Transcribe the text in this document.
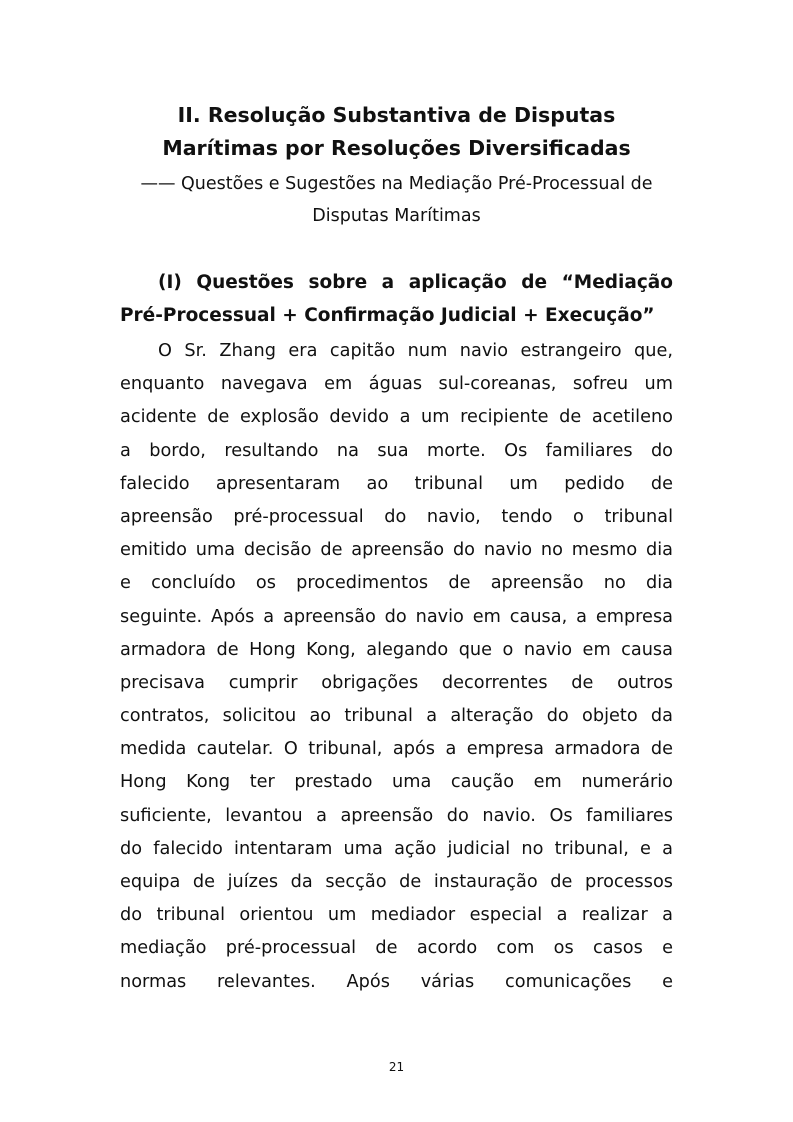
II. Resolução Substantiva de Disputas
Marítimas por Resoluções Diversificadas

—— Questões e Sugestões na Mediação Pré-Processual de

Disputas Marítimas

(I) Questões sobre a aplicação de “Mediação
Pré-Processual + Confirmação Judicial + Execução”
O Sr. Zhang era capitão num navio estrangeiro que,
enquanto navegava em águas sul-coreanas, sofreu um
acidente de explosão devido a um recipiente de acetileno
a bordo, resultando na sua morte. Os familiares do
falecido apresentaram ao tribunal um pedido de
apreensão pré-processual do navio, tendo o tribunal
emitido uma decisão de apreensão do navio no mesmo dia
e concluído os procedimentos de apreensão no dia
seguinte. Após a apreensão do navio em causa, a empresa
armadora de Hong Kong, alegando que o navio em causa
precisava cumprir obrigações decorrentes de outros
contratos, solicitou ao tribunal a alteração do objeto da
medida cautelar. O tribunal, após a empresa armadora de
Hong Kong ter prestado uma caução em numerário
suficiente, levantou a apreensão do navio. Os familiares
do falecido intentaram uma ação judicial no tribunal, e a
equipa de juízes da secção de instauração de processos
do tribunal orientou um mediador especial a realizar a
mediação pré-processual de acordo com os casos e
normas relevantes. Após várias comunicações e
21
